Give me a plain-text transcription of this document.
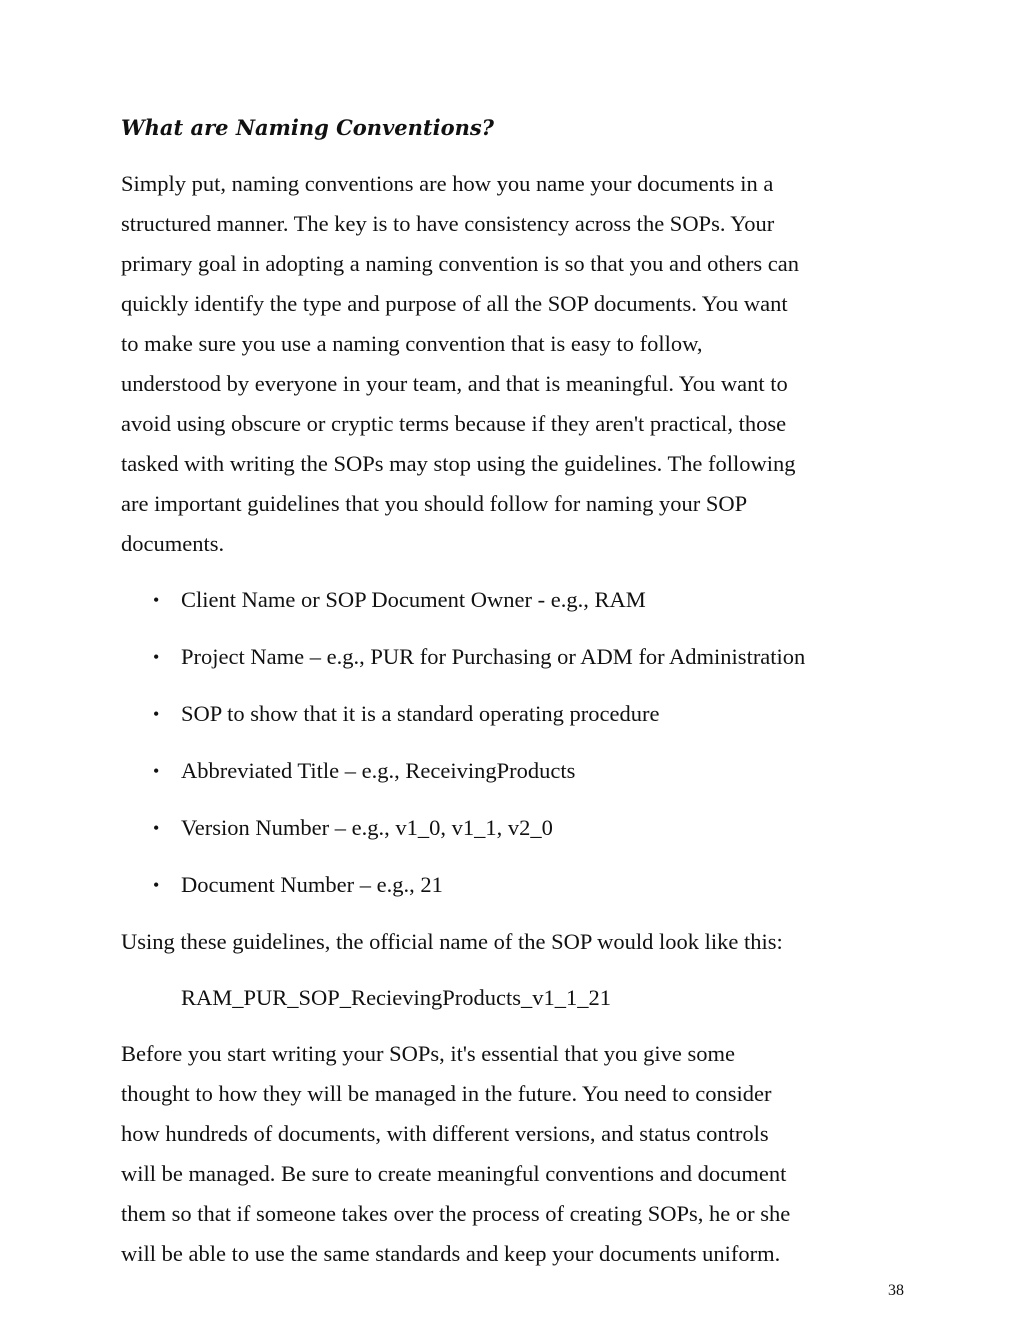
What are Naming Conventions?

Simply put, naming conventions are how you name your documents in a
structured manner. The key is to have consistency across the SOPs. Your
primary goal in adopting a naming convention is so that you and others can
quickly identify the type and purpose of all the SOP documents. You want
to make sure you use a naming convention that is easy to follow,
understood by everyone in your team, and that is meaningful. You want to
avoid using obscure or cryptic terms because if they aren't practical, those
tasked with writing the SOPs may stop using the guidelines. The following
are important guidelines that you should follow for naming your SOP
documents.

• Client Name or SOP Document Owner - e.g., RAM
• Project Name – e.g., PUR for Purchasing or ADM for Administration
• SOP to show that it is a standard operating procedure
• Abbreviated Title – e.g., ReceivingProducts
• Version Number – e.g., v1_0, v1_1, v2_0
• Document Number – e.g., 21

Using these guidelines, the official name of the SOP would look like this:

RAM_PUR_SOP_RecievingProducts_v1_1_21

Before you start writing your SOPs, it's essential that you give some
thought to how they will be managed in the future. You need to consider
how hundreds of documents, with different versions, and status controls
will be managed. Be sure to create meaningful conventions and document
them so that if someone takes over the process of creating SOPs, he or she
will be able to use the same standards and keep your documents uniform.

38
